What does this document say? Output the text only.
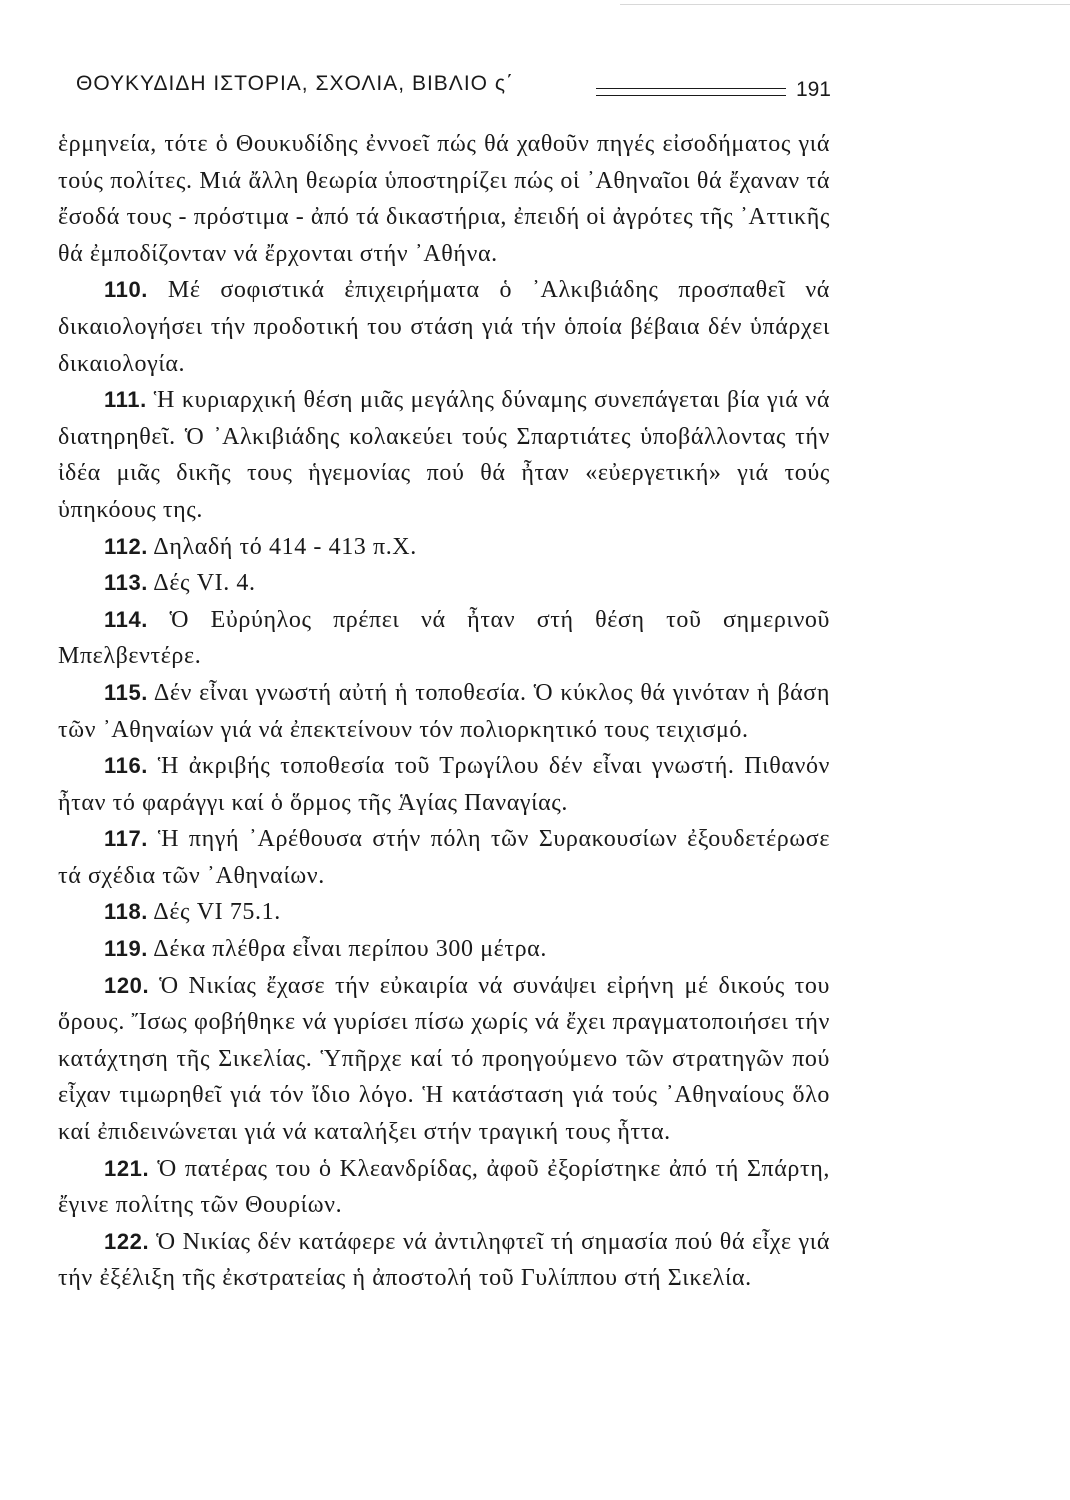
ΘΟΥΚΥΔΙΔΗ ΙΣΤΟΡΙΑ, ΣΧΟΛΙΑ, ΒΙΒΛΙΟ ς΄	191

ἑρμηνεία, τότε ὁ Θουκυδίδης ἐννοεῖ πώς θά χαθοῦν πηγές εἰσοδήματος γιά τούς πολίτες. Μιά ἄλλη θεωρία ὑποστηρίζει πώς οἱ ᾿Αθηναῖοι θά ἔχαναν τά ἔσοδά τους - πρόστιμα - ἀπό τά δικαστήρια, ἐπειδή οἱ ἀγρότες τῆς ᾿Αττικῆς θά ἐμποδίζονταν νά ἔρχονται στήν ᾿Αθήνα.

110. Μέ σοφιστικά ἐπιχειρήματα ὁ ᾿Αλκιβιάδης προσπαθεῖ νά δικαιολογήσει τήν προδοτική του στάση γιά τήν ὁποία βέβαια δέν ὑπάρχει δικαιολογία.

111. Ἡ κυριαρχική θέση μιᾶς μεγάλης δύναμης συνεπάγεται βία γιά νά διατηρηθεῖ. Ὁ ᾿Αλκιβιάδης κολακεύει τούς Σπαρτιάτες ὑποβάλλοντας τήν ἰδέα μιᾶς δικῆς τους ἡγεμονίας πού θά ἦταν «εὐεργετική» γιά τούς ὑπηκόους της.

112. Δηλαδή τό 414 - 413 π.Χ.

113. Δές VI. 4.

114. Ὁ Εὐρύηλος πρέπει νά ἦταν στή θέση τοῦ σημερινοῦ Μπελβεντέρε.

115. Δέν εἶναι γνωστή αὐτή ἡ τοποθεσία. Ὁ κύκλος θά γινόταν ἡ βάση τῶν ᾿Αθηναίων γιά νά ἐπεκτείνουν τόν πολιορκητικό τους τειχισμό.

116. Ἡ ἀκριβής τοποθεσία τοῦ Τρωγίλου δέν εἶναι γνωστή. Πιθανόν ἦταν τό φαράγγι καί ὁ ὅρμος τῆς Ἁγίας Παναγίας.

117. Ἡ πηγή ᾿Αρέθουσα στήν πόλη τῶν Συρακουσίων ἐξουδετέρωσε τά σχέδια τῶν ᾿Αθηναίων.

118. Δές VI 75.1.

119. Δέκα πλέθρα εἶναι περίπου 300 μέτρα.

120. Ὁ Νικίας ἔχασε τήν εὐκαιρία νά συνάψει εἰρήνη μέ δικούς του ὅρους. Ἴσως φοβήθηκε νά γυρίσει πίσω χωρίς νά ἔχει πραγματοποιήσει τήν κατάχτηση τῆς Σικελίας. Ὑπῆρχε καί τό προηγούμενο τῶν στρατηγῶν πού εἶχαν τιμωρηθεῖ γιά τόν ἴδιο λόγο. Ἡ κατάσταση γιά τούς ᾿Αθηναίους ὅλο καί ἐπιδεινώνεται γιά νά καταλήξει στήν τραγική τους ἧττα.

121. Ὁ πατέρας του ὁ Κλεανδρίδας, ἀφοῦ ἐξορίστηκε ἀπό τή Σπάρτη, ἔγινε πολίτης τῶν Θουρίων.

122. Ὁ Νικίας δέν κατάφερε νά ἀντιληφτεῖ τή σημασία πού θά εἶχε γιά τήν ἐξέλιξη τῆς ἐκστρατείας ἡ ἀποστολή τοῦ Γυλίππου στή Σικελία.
